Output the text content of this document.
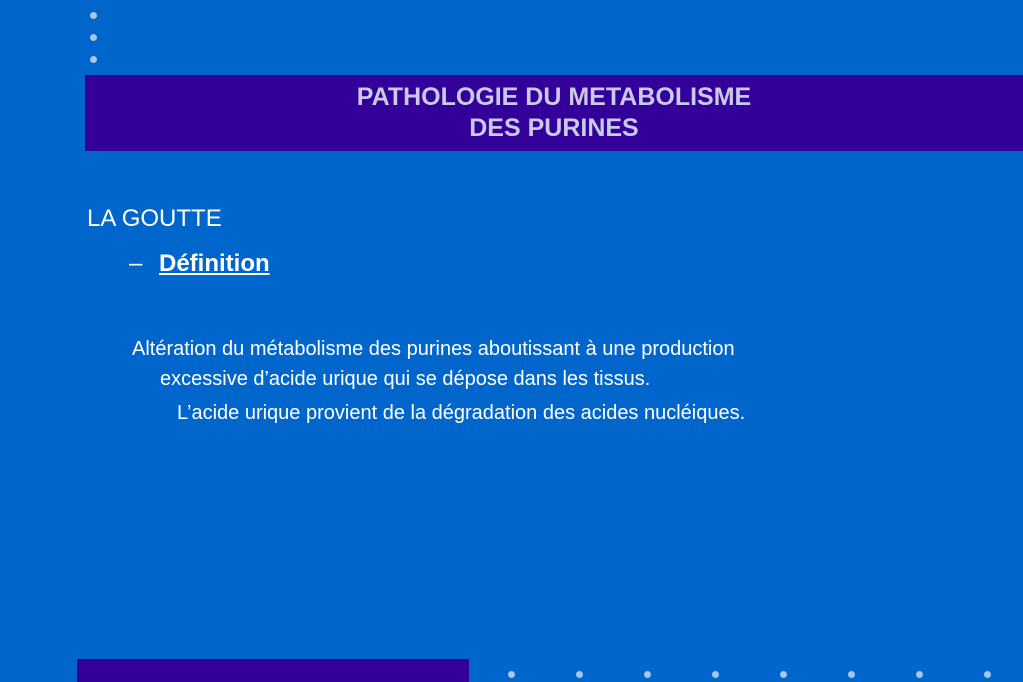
PATHOLOGIE DU METABOLISME
DES PURINES
LA GOUTTE
– Définition
Altération du métabolisme des purines aboutissant à une production
excessive d’acide urique qui se dépose dans les tissus.
L’acide urique provient de la dégradation des acides nucléiques.
